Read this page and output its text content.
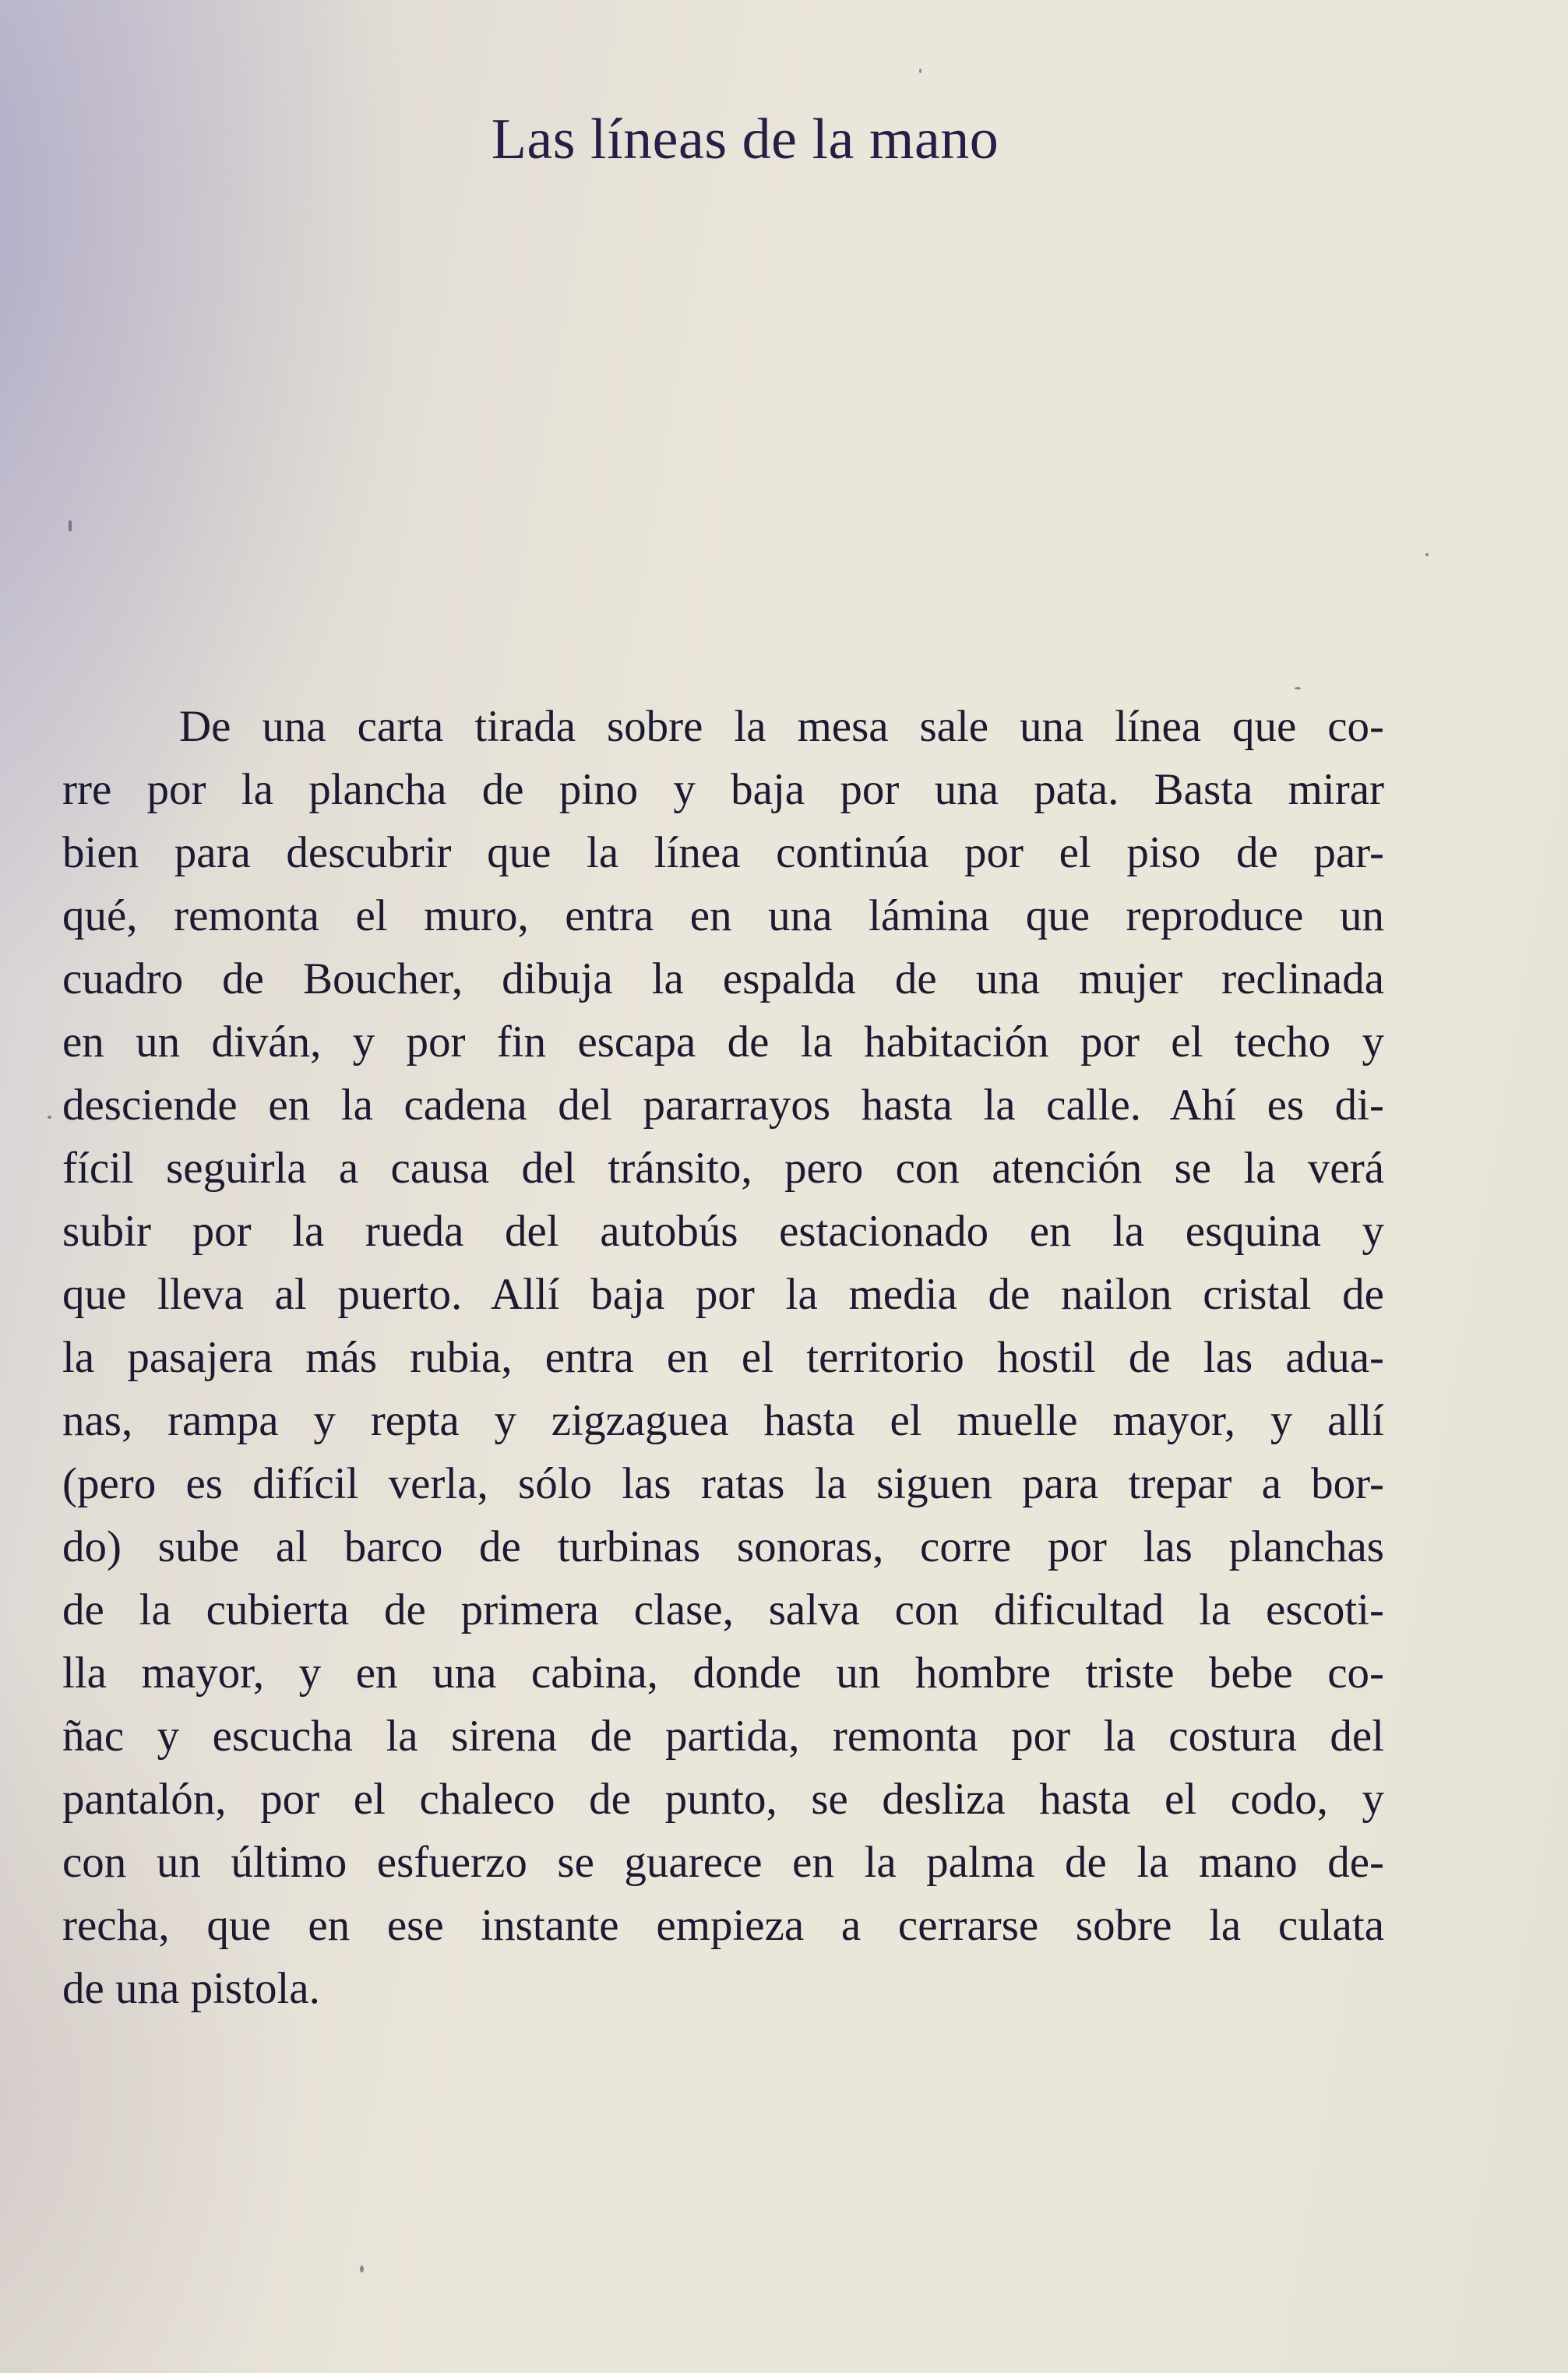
Las líneas de la mano
De una carta tirada sobre la mesa sale una línea que co-
rre por la plancha de pino y baja por una pata. Basta mirar
bien para descubrir que la línea continúa por el piso de par-
qué, remonta el muro, entra en una lámina que reproduce un
cuadro de Boucher, dibuja la espalda de una mujer reclinada
en un diván, y por fin escapa de la habitación por el techo y
desciende en la cadena del pararrayos hasta la calle. Ahí es di-
fícil seguirla a causa del tránsito, pero con atención se la verá
subir por la rueda del autobús estacionado en la esquina y
que lleva al puerto. Allí baja por la media de nailon cristal de
la pasajera más rubia, entra en el territorio hostil de las adua-
nas, rampa y repta y zigzaguea hasta el muelle mayor, y allí
(pero es difícil verla, sólo las ratas la siguen para trepar a bor-
do) sube al barco de turbinas sonoras, corre por las planchas
de la cubierta de primera clase, salva con dificultad la escoti-
lla mayor, y en una cabina, donde un hombre triste bebe co-
ñac y escucha la sirena de partida, remonta por la costura del
pantalón, por el chaleco de punto, se desliza hasta el codo, y
con un último esfuerzo se guarece en la palma de la mano de-
recha, que en ese instante empieza a cerrarse sobre la culata
de una pistola.
